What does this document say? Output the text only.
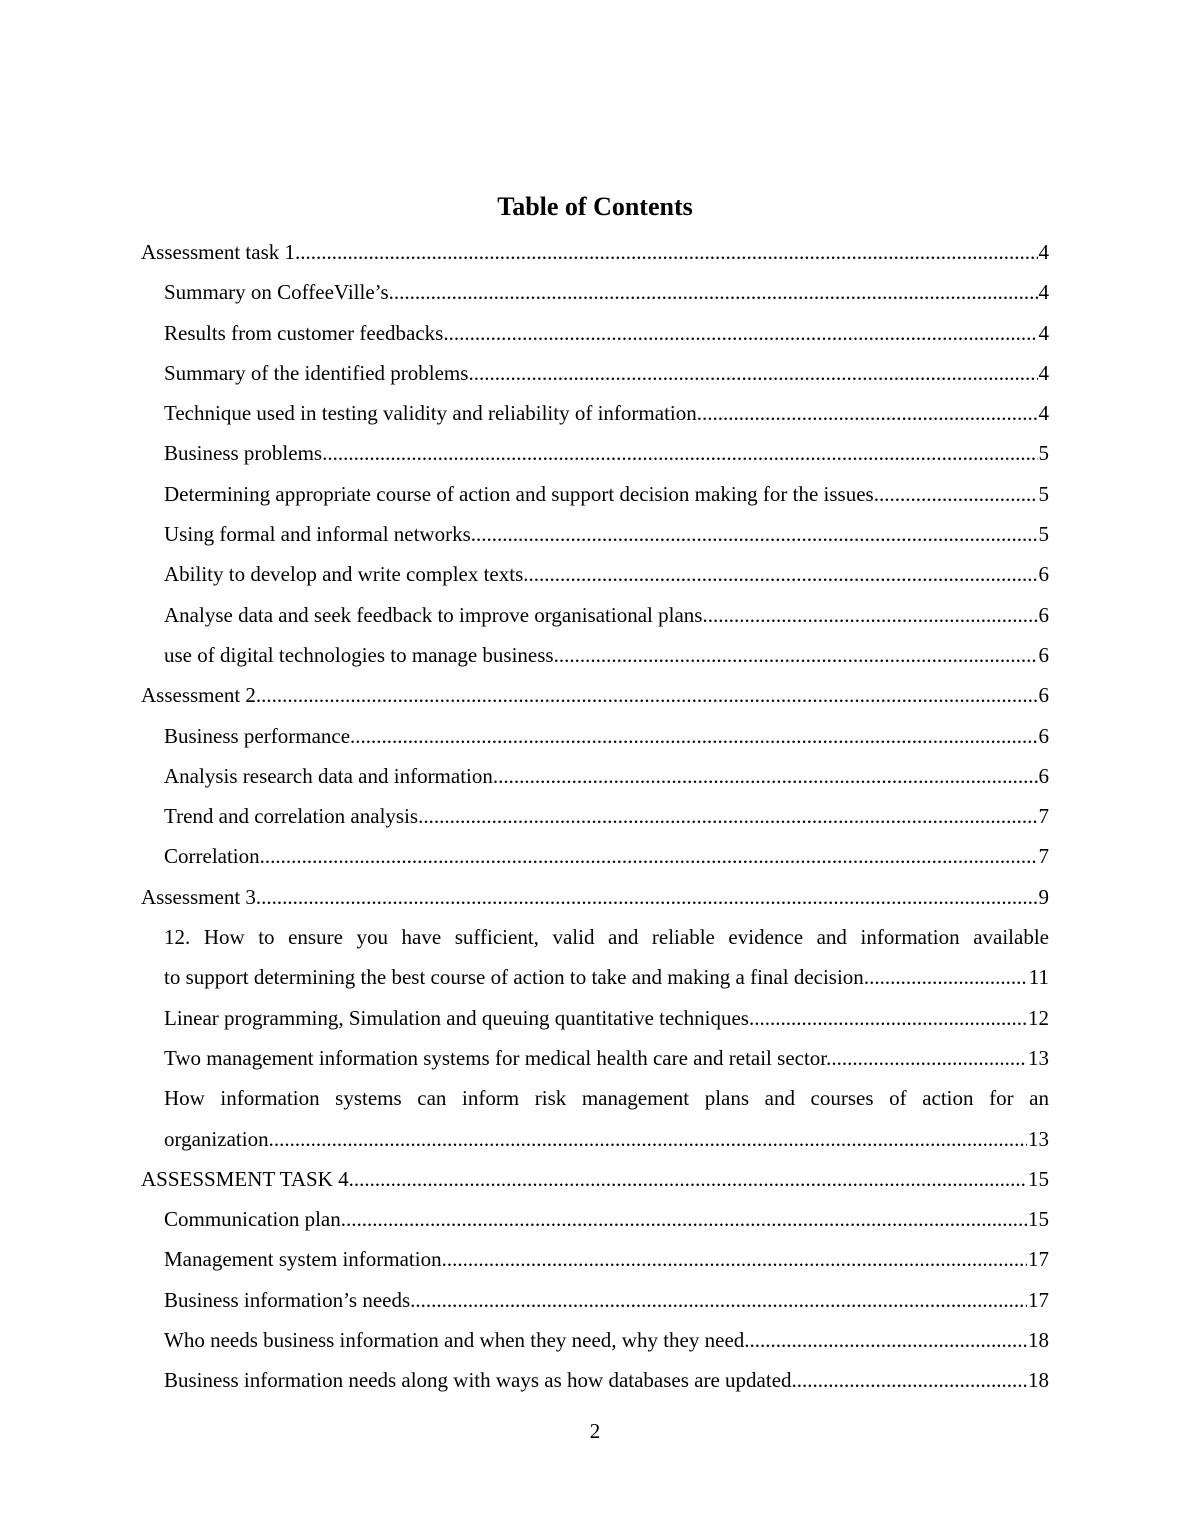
Table of Contents
Assessment task 1 .....	4
Summary on CoffeeVille’s .....	4
Results from customer feedbacks .....	4
Summary of the identified problems .....	4
Technique used in testing validity and reliability of information .....	4
Business problems .....	5
Determining appropriate course of action and support decision making for the issues .....	5
Using formal and informal networks .....	5
Ability to develop and write complex texts .....	6
Analyse data and seek feedback to improve organisational plans .....	6
use of digital technologies to manage business .....	6
Assessment 2 .....	6
Business performance .....	6
Analysis research data and information .....	6
Trend and correlation analysis .....	7
Correlation .....	7
Assessment 3 .....	9
12. How to ensure you have sufficient, valid and reliable evidence and information available
to support determining the best course of action to take and making a final decision .....	11
Linear programming, Simulation and queuing quantitative techniques .....	12
Two management information systems for medical health care and retail sector .....	13
How information systems can inform risk management plans and courses of action for an
organization .....	13
ASSESSMENT TASK 4 .....	15
Communication plan .....	15
Management system information .....	17
Business information’s needs .....	17
Who needs business information and when they need, why they need .....	18
Business information needs along with ways as how databases are updated .....	18
2
